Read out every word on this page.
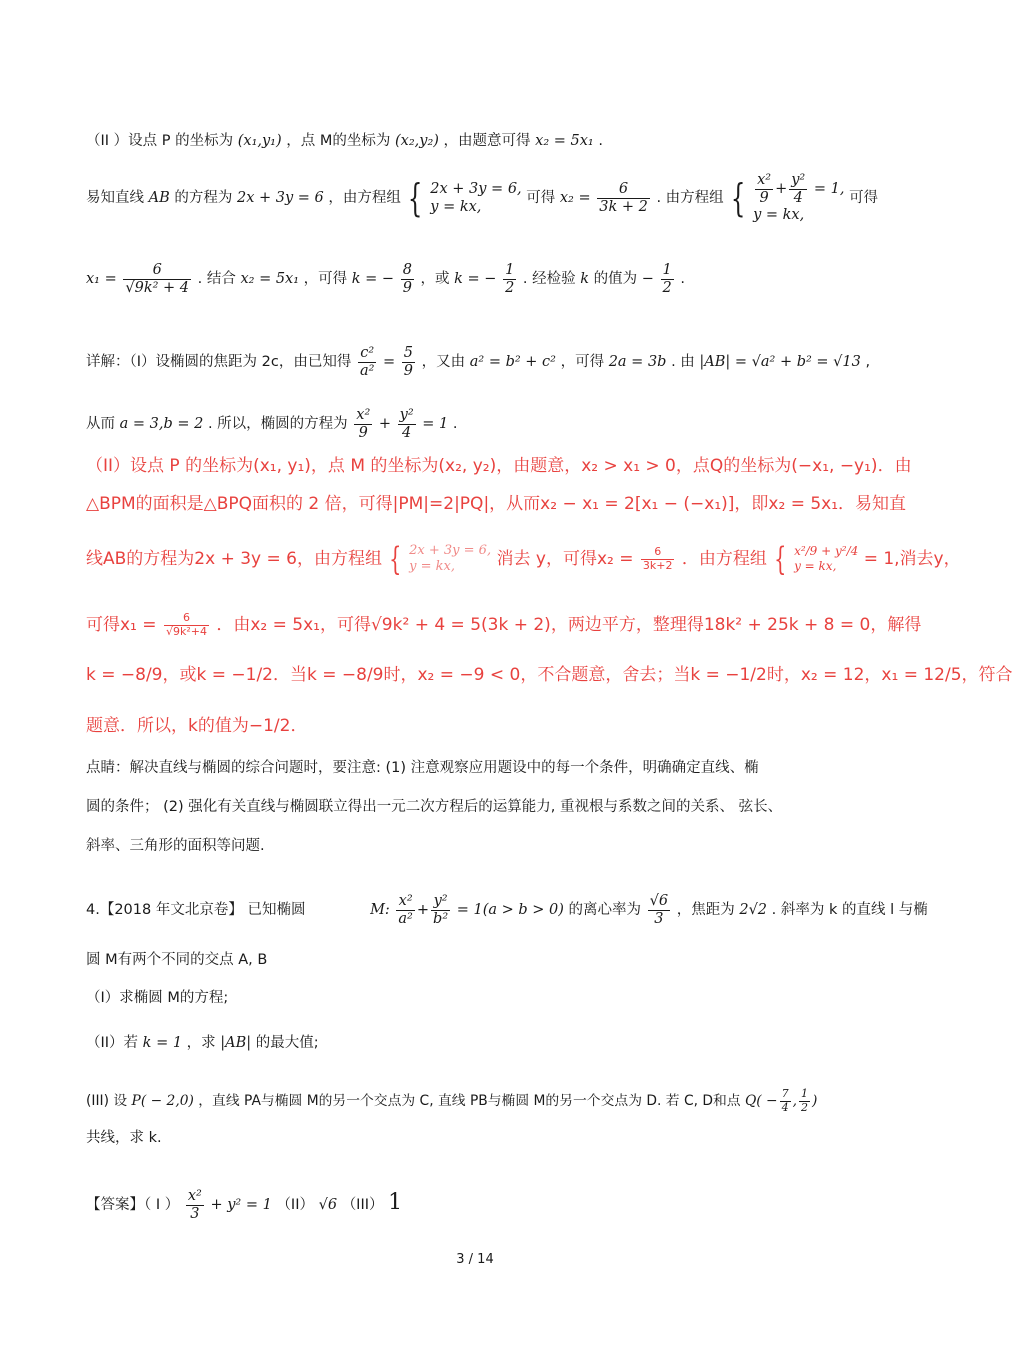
（II ）设点 P 的坐标为 (x₁,y₁) ，点 M的坐标为 (x₂,y₂) ，由题意可得 x₂ = 5x₁ .
易知直线 AB 的方程为 2x + 3y = 6 ，由方程组 { 2x + 3y = 6,
y = kx,
可得 $x_2 = \frac{6}{3k + 2}$ . 由方程组 { $\frac{\text{x²}}{9} + \frac{\text{y²}}{4} = 1$,
y = kx,
可得
$x_1 = \frac{6}{\text{√9k² + 4}}$ . 结合 x₂ = 5x₁ ，可得 k = − $\frac{8}{9}$ ，或 k = − $\frac{1}{2}$ . 经检验 k 的值为 − $\frac{1}{2}$ .
详解：（I）设椭圆的焦距为 2c，由已知得 $\frac{\text{c²}}{\text{a²}} = \frac{5}{9}$ ，又由 a² = b² + c² ，可得 2a = 3b . 由 |AB| = √a² + b² = √13 ,
从而 a = 3,b = 2 . 所以，椭圆的方程为 $\frac{\text{x²}}{9} + \frac{\text{y²}}{4} = 1$ .
（II）设点 P 的坐标为(x₁, y₁)，点 M 的坐标为(x₂, y₂)，由题意，x₂ > x₁ > 0，点Q的坐标为(−x₁, −y₁)．由
△BPM的面积是△BPQ面积的 2 倍，可得|PM|=2|PQ|，从而x₂ − x₁ = 2[x₁ − (−x₁)]，即x₂ = 5x₁．易知直
线AB的方程为2x + 3y = 6，由方程组 { 2x + 3y = 6,
y = kx,	消去 y，可得$x_2 = \frac{6}{3k+2}$ ．由方程组 { x²/9 + y²/4
y = kx,	= 1,消去y，
可得$x_1 = \frac{6}{\text{√9k²+4}}$ ．由x₂ = 5x₁，可得√9k² + 4 = 5(3k + 2)，两边平方，整理得18k² + 25k + 8 = 0，解得
k = −8/9，或k = −1/2．当k = −8/9时，x₂ = −9 < 0，不合题意，舍去；当k = −1/2时，x₂ = 12，x₁ = 12/5，符合
题意．所以，k的值为−1/2．
点睛：解决直线与椭圆的综合问题时，要注意: (1) 注意观察应用题设中的每一个条件，明确确定直线、椭
圆的条件； (2) 强化有关直线与椭圆联立得出一元二次方程后的运算能力, 重视根与系数之间的关系、 弦长、
斜率、三角形的面积等问题.
4.【2018 年文北京卷】 已知椭圆	M: $\frac{\text{x²}}{\text{a²}} + \frac{\text{y²}}{\text{b²}} = 1(a > b > 0)$ 的离心率为 $\frac{√6}{3}$ ，焦距为 2√2 . 斜率为 k 的直线 l 与椭
圆 M有两个不同的交点 A, B
（I）求椭圆 M的方程;
（II）若 k = 1 ，求 |AB| 的最大值;
(III) 设 P( − 2,0) ，直线 PA与椭圆 M的另一个交点为 C, 直线 PB与椭圆 M的另一个交点为 D. 若 C, D和点 $Q( - \frac{7}{4}$ , $\frac{1}{2}$ )
共线，求 k.
【答案】（ I ） $\frac{\text{x²}}{3} + y^2 = 1$ （II） √6 （III） 1
3 / 14
